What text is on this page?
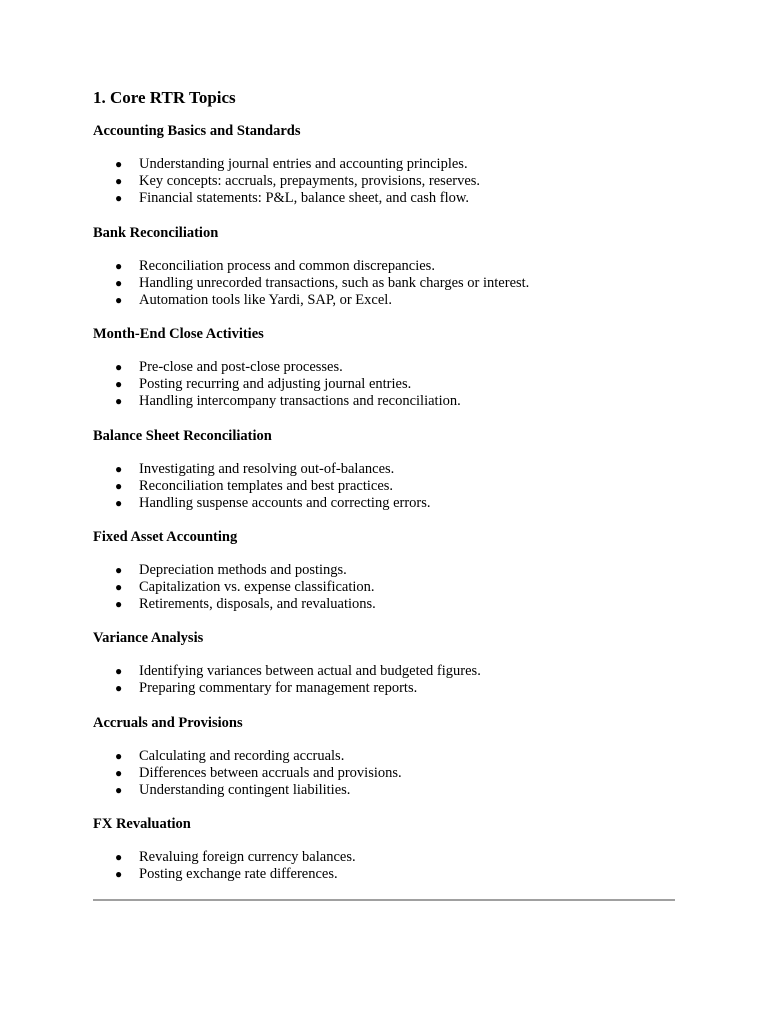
1. Core RTR Topics
Accounting Basics and Standards
● Understanding journal entries and accounting principles.
● Key concepts: accruals, prepayments, provisions, reserves.
● Financial statements: P&L, balance sheet, and cash flow.
Bank Reconciliation
● Reconciliation process and common discrepancies.
● Handling unrecorded transactions, such as bank charges or interest.
● Automation tools like Yardi, SAP, or Excel.
Month-End Close Activities
● Pre-close and post-close processes.
● Posting recurring and adjusting journal entries.
● Handling intercompany transactions and reconciliation.
Balance Sheet Reconciliation
● Investigating and resolving out-of-balances.
● Reconciliation templates and best practices.
● Handling suspense accounts and correcting errors.
Fixed Asset Accounting
● Depreciation methods and postings.
● Capitalization vs. expense classification.
● Retirements, disposals, and revaluations.
Variance Analysis
● Identifying variances between actual and budgeted figures.
● Preparing commentary for management reports.
Accruals and Provisions
● Calculating and recording accruals.
● Differences between accruals and provisions.
● Understanding contingent liabilities.
FX Revaluation
● Revaluing foreign currency balances.
● Posting exchange rate differences.
